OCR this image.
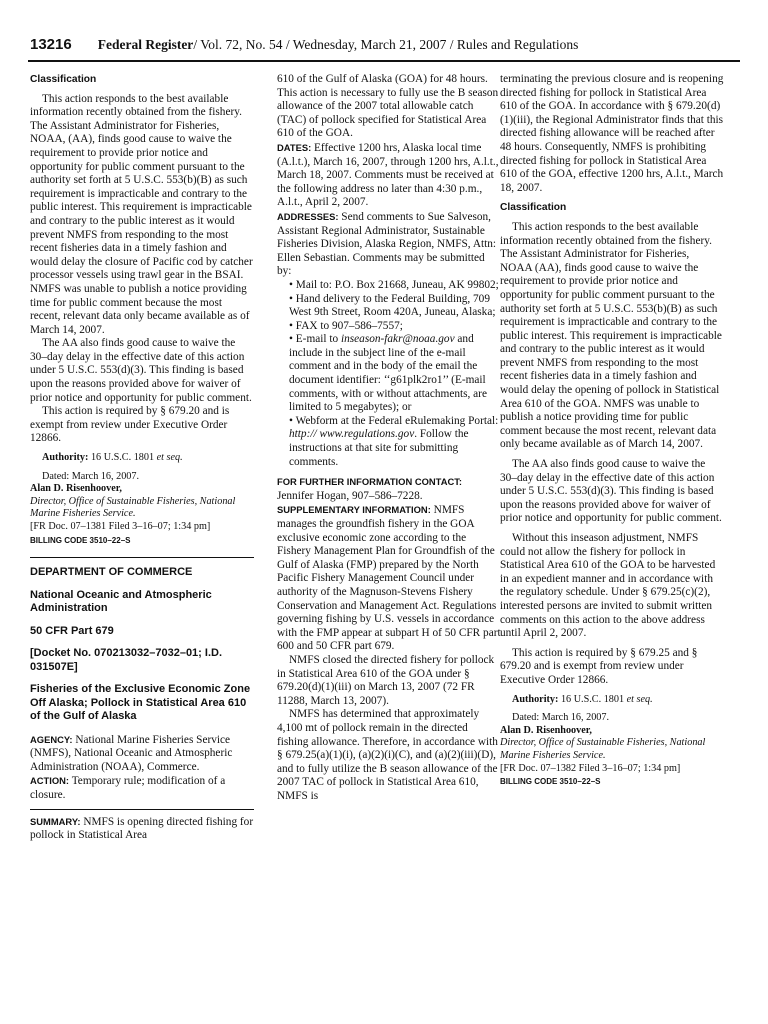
13216 Federal Register/ Vol. 72, No. 54 / Wednesday, March 21, 2007 / Rules and Regulations
Classification

This action responds to the best available information recently obtained from the fishery. The Assistant Administrator for Fisheries, NOAA, (AA), finds good cause to waive the requirement to provide prior notice and opportunity for public comment pursuant to the authority set forth at 5 U.S.C. 553(b)(B) as such requirement is impracticable and contrary to the public interest. This requirement is impracticable and contrary to the public interest as it would prevent NMFS from responding to the most recent fisheries data in a timely fashion and would delay the closure of Pacific cod by catcher processor vessels using trawl gear in the BSAI. NMFS was unable to publish a notice providing time for public comment because the most recent, relevant data only became available as of March 14, 2007.

The AA also finds good cause to waive the 30–day delay in the effective date of this action under 5 U.S.C. 553(d)(3). This finding is based upon the reasons provided above for waiver of prior notice and opportunity for public comment.

This action is required by § 679.20 and is exempt from review under Executive Order 12866.

Authority: 16 U.S.C. 1801 et seq.

Dated: March 16, 2007.

Alan D. Risenhoover,

Director, Office of Sustainable Fisheries, National Marine Fisheries Service.

[FR Doc. 07–1381 Filed 3–16–07; 1:34 pm]

BILLING CODE 3510–22–S

DEPARTMENT OF COMMERCE
National Oceanic and Atmospheric Administration
50 CFR Part 679
[Docket No. 070213032–7032–01; I.D. 031507E]
Fisheries of the Exclusive Economic Zone Off Alaska; Pollock in Statistical Area 610 of the Gulf of Alaska

AGENCY: National Marine Fisheries Service (NMFS), National Oceanic and Atmospheric Administration (NOAA), Commerce.

ACTION: Temporary rule; modification of a closure.

SUMMARY: NMFS is opening directed fishing for pollock in Statistical Area

610 of the Gulf of Alaska (GOA) for 48 hours. This action is necessary to fully use the B season allowance of the 2007 total allowable catch (TAC) of pollock specified for Statistical Area 610 of the GOA.

DATES: Effective 1200 hrs, Alaska local time (A.l.t.), March 16, 2007, through 1200 hrs, A.l.t., March 18, 2007. Comments must be received at the following address no later than 4:30 p.m., A.l.t., April 2, 2007.

ADDRESSES: Send comments to Sue Salveson, Assistant Regional Administrator, Sustainable Fisheries Division, Alaska Region, NMFS, Attn: Ellen Sebastian. Comments may be submitted by:

• Mail to: P.O. Box 21668, Juneau, AK 99802;

• Hand delivery to the Federal Building, 709 West 9th Street, Room 420A, Juneau, Alaska;

• FAX to 907–586–7557;

• E-mail to inseason-fakr@noaa.gov and include in the subject line of the e-mail comment and in the body of the email the document identifier: ‘‘g61plk2ro1’’ (E-mail comments, with or without attachments, are limited to 5 megabytes); or

• Webform at the Federal eRulemaking Portal: http:// www.regulations.gov. Follow the instructions at that site for submitting comments.

FOR FURTHER INFORMATION CONTACT:
Jennifer Hogan, 907–586–7228.

SUPPLEMENTARY INFORMATION: NMFS manages the groundfish fishery in the GOA exclusive economic zone according to the Fishery Management Plan for Groundfish of the Gulf of Alaska (FMP) prepared by the North Pacific Fishery Management Council under authority of the Magnuson-Stevens Fishery Conservation and Management Act. Regulations governing fishing by U.S. vessels in accordance with the FMP appear at subpart H of 50 CFR part 600 and 50 CFR part 679.

NMFS closed the directed fishery for pollock in Statistical Area 610 of the GOA under § 679.20(d)(1)(iii) on March 13, 2007 (72 FR 11288, March 13, 2007).

NMFS has determined that approximately 4,100 mt of pollock remain in the directed fishing allowance. Therefore, in accordance with § 679.25(a)(1)(i), (a)(2)(i)(C), and (a)(2)(iii)(D), and to fully utilize the B season allowance of the 2007 TAC of pollock in Statistical Area 610, NMFS is

terminating the previous closure and is reopening directed fishing for pollock in Statistical Area 610 of the GOA. In accordance with § 679.20(d)(1)(iii), the Regional Administrator finds that this directed fishing allowance will be reached after 48 hours. Consequently, NMFS is prohibiting directed fishing for pollock in Statistical Area 610 of the GOA, effective 1200 hrs, A.l.t., March 18, 2007.

Classification

This action responds to the best available information recently obtained from the fishery. The Assistant Administrator for Fisheries, NOAA (AA), finds good cause to waive the requirement to provide prior notice and opportunity for public comment pursuant to the authority set forth at 5 U.S.C. 553(b)(B) as such requirement is impracticable and contrary to the public interest. This requirement is impracticable and contrary to the public interest as it would prevent NMFS from responding to the most recent fisheries data in a timely fashion and would delay the opening of pollock in Statistical Area 610 of the GOA. NMFS was unable to publish a notice providing time for public comment because the most recent, relevant data only became available as of March 14, 2007.

The AA also finds good cause to waive the 30–day delay in the effective date of this action under 5 U.S.C. 553(d)(3). This finding is based upon the reasons provided above for waiver of prior notice and opportunity for public comment.

Without this inseason adjustment, NMFS could not allow the fishery for pollock in Statistical Area 610 of the GOA to be harvested in an expedient manner and in accordance with the regulatory schedule. Under § 679.25(c)(2), interested persons are invited to submit written comments on this action to the above address until April 2, 2007.

This action is required by § 679.25 and § 679.20 and is exempt from review under Executive Order 12866.

Authority: 16 U.S.C. 1801 et seq.

Dated: March 16, 2007.

Alan D. Risenhoover,

Director, Office of Sustainable Fisheries, National Marine Fisheries Service.

[FR Doc. 07–1382 Filed 3–16–07; 1:34 pm]

BILLING CODE 3510–22–S
